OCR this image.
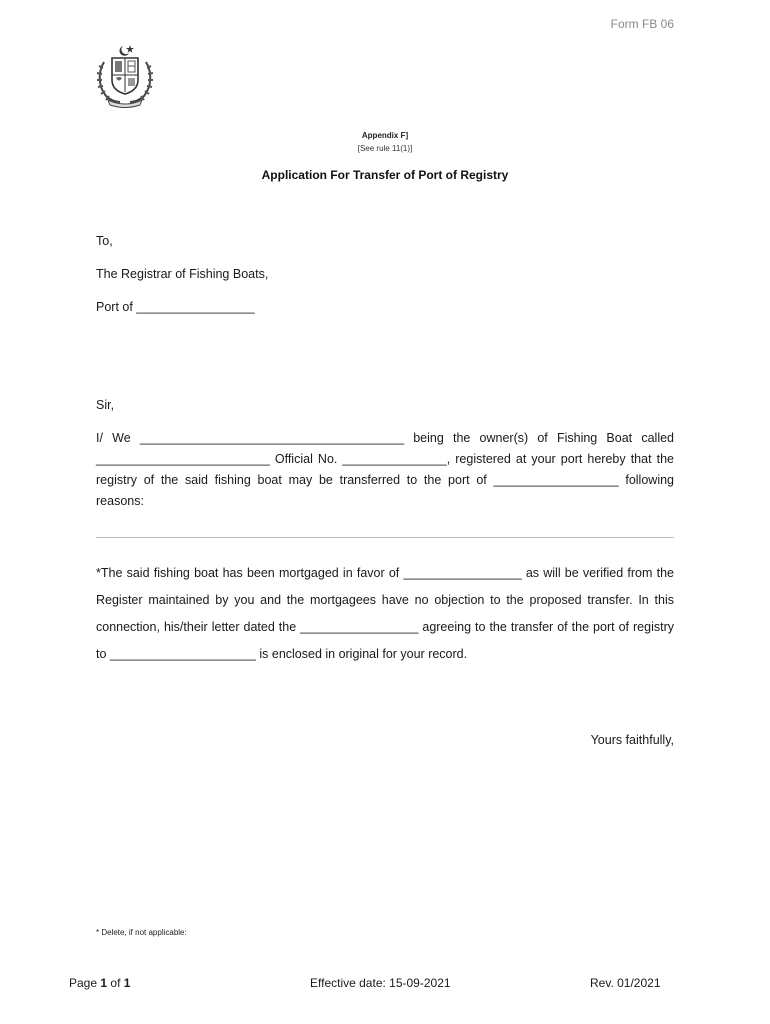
Form FB 06
Appendix F]
[See rule 11(1)]
Application For Transfer of Port of Registry
To,
The Registrar of Fishing Boats,
Port of _________________
Sir,
I/ We ______________________________________ being the owner(s) of Fishing Boat called _________________________ Official No. _______________, registered at your port hereby that the registry of the said fishing boat may be transferred to the port of __________________ following reasons:
*The said fishing boat has been mortgaged in favor of _________________ as will be verified from the Register maintained by you and the mortgagees have no objection to the proposed transfer. In this connection, his/their letter dated the _________________ agreeing to the transfer of the port of registry to _____________________ is enclosed in original for your record.
Yours faithfully,
* Delete, if not applicable:
Page 1 of 1	Effective date: 15-09-2021	Rev. 01/2021
